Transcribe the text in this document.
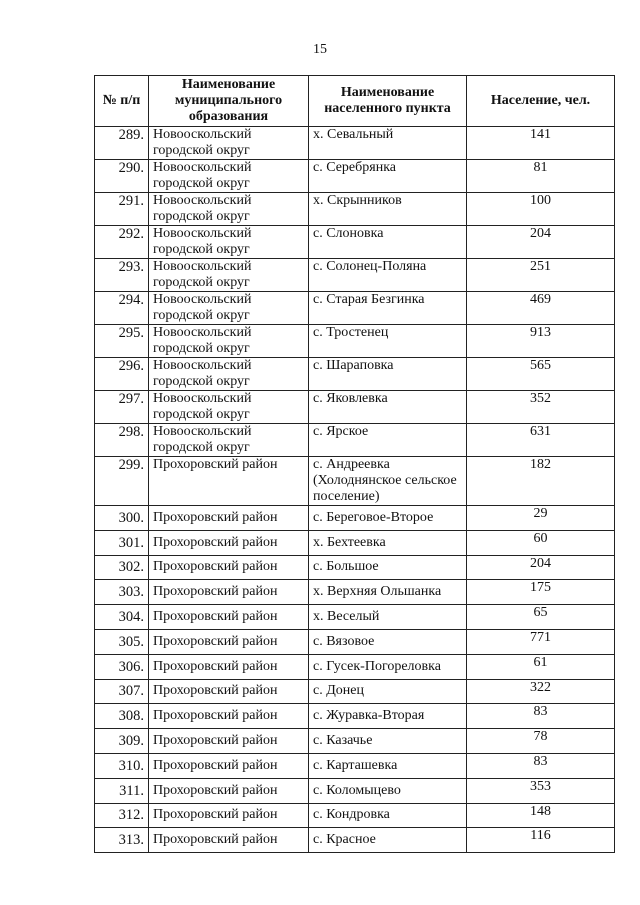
15
№ п/п	Наименование муниципального образования	Наименование населенного пункта	Население, чел.
289.	Новооскольский городской округ	х. Севальный	141
290.	Новооскольский городской округ	с. Серебрянка	81
291.	Новооскольский городской округ	х. Скрынников	100
292.	Новооскольский городской округ	с. Слоновка	204
293.	Новооскольский городской округ	с. Солонец-Поляна	251
294.	Новооскольский городской округ	с. Старая Безгинка	469
295.	Новооскольский городской округ	с. Тростенец	913
296.	Новооскольский городской округ	с. Шараповка	565
297.	Новооскольский городской округ	с. Яковлевка	352
298.	Новооскольский городской округ	с. Ярское	631
299.	Прохоровский район	с. Андреевка (Холоднянское сельское поселение)	182
300.	Прохоровский район	с. Береговое-Второе	29
301.	Прохоровский район	х. Бехтеевка	60
302.	Прохоровский район	с. Большое	204
303.	Прохоровский район	х. Верхняя Ольшанка	175
304.	Прохоровский район	х. Веселый	65
305.	Прохоровский район	с. Вязовое	771
306.	Прохоровский район	с. Гусек-Погореловка	61
307.	Прохоровский район	с. Донец	322
308.	Прохоровский район	с. Журавка-Вторая	83
309.	Прохоровский район	с. Казачье	78
310.	Прохоровский район	с. Карташевка	83
311.	Прохоровский район	с. Коломыцево	353
312.	Прохоровский район	с. Кондровка	148
313.	Прохоровский район	с. Красное	116
